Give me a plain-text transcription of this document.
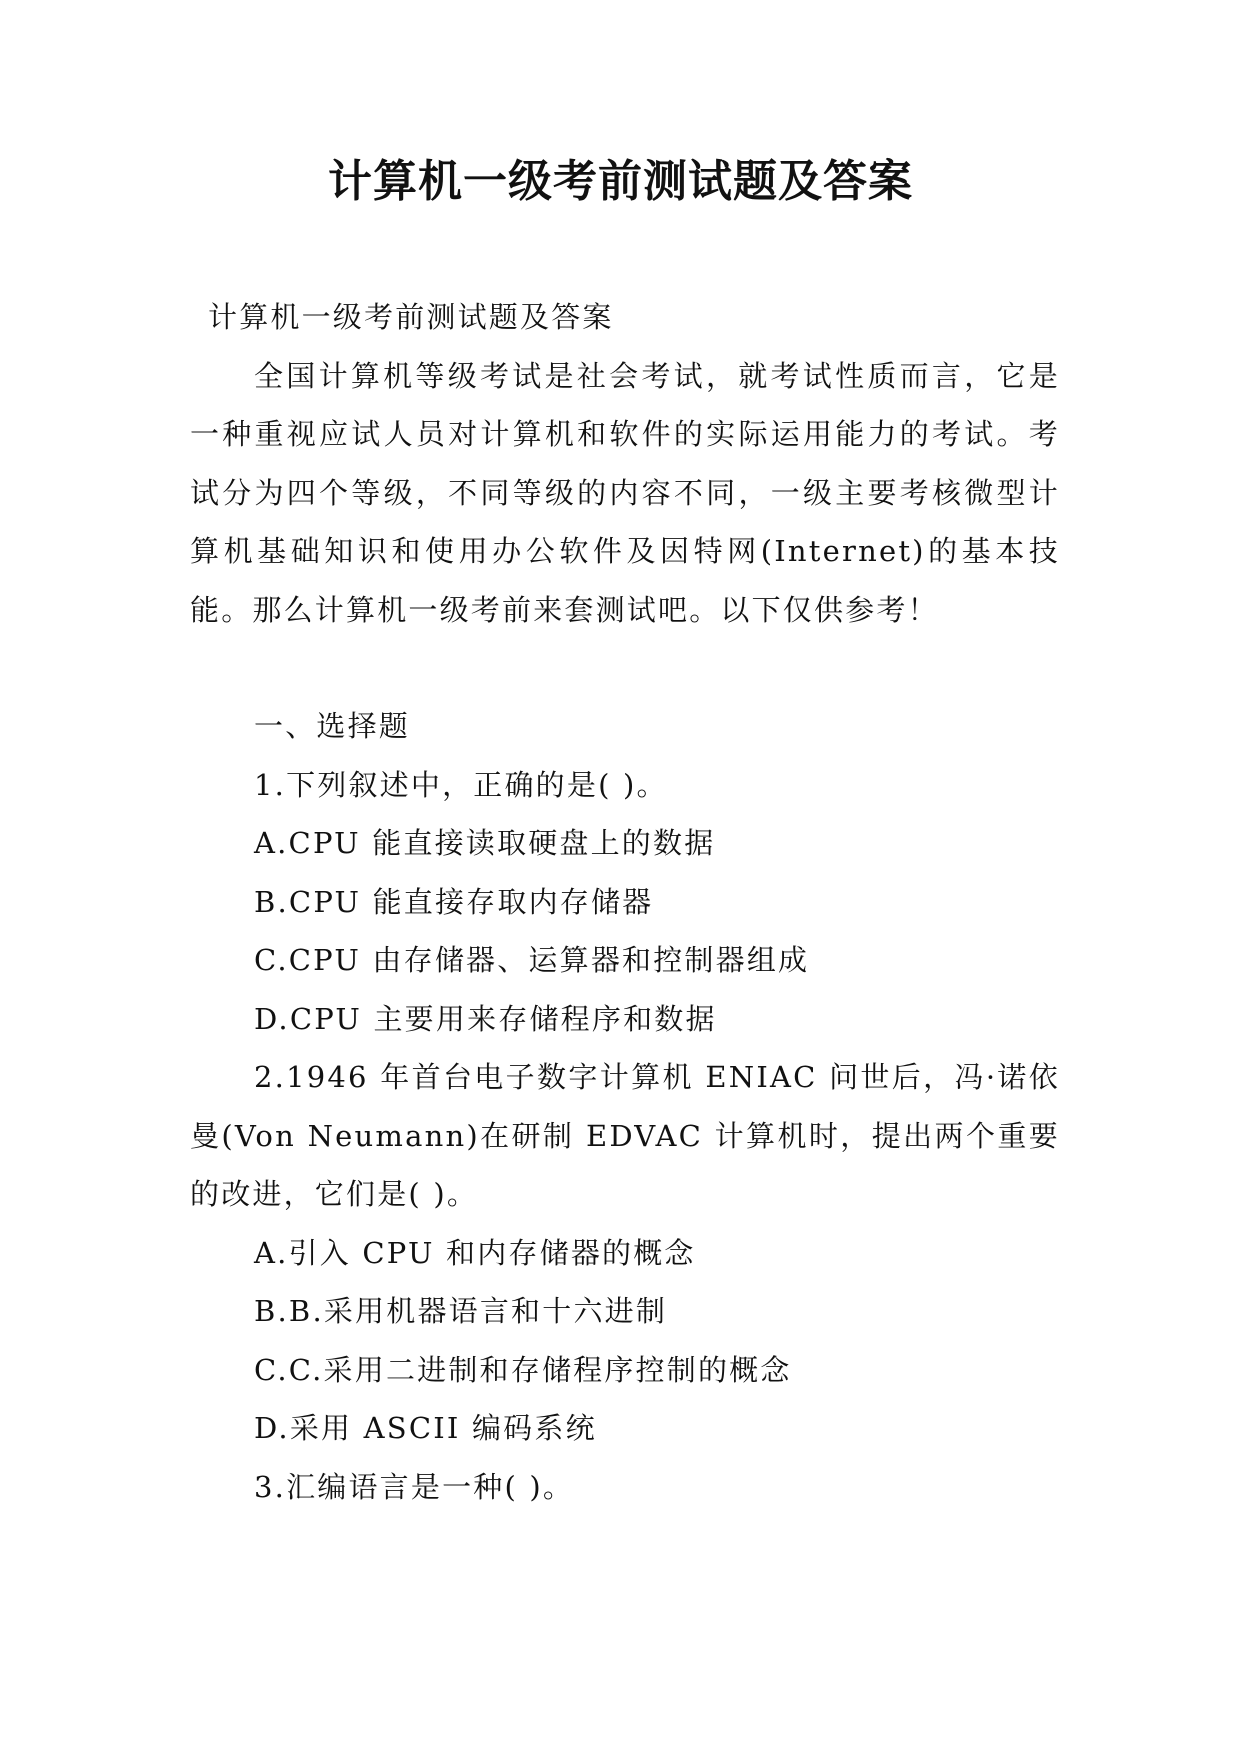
计算机一级考前测试题及答案

计算机一级考前测试题及答案

全国计算机等级考试是社会考试，就考试性质而言，它是一种重视应试人员对计算机和软件的实际运用能力的考试。考试分为四个等级，不同等级的内容不同，一级主要考核微型计算机基础知识和使用办公软件及因特网(Internet)的基本技能。那么计算机一级考前来套测试吧。以下仅供参考！

一、选择题

1.下列叙述中，正确的是( )。

A.CPU 能直接读取硬盘上的数据

B.CPU 能直接存取内存储器

C.CPU 由存储器、运算器和控制器组成

D.CPU 主要用来存储程序和数据

2.1946 年首台电子数字计算机 ENIAC 问世后，冯·诺依曼(Von Neumann)在研制 EDVAC 计算机时，提出两个重要的改进，它们是( )。

A.引入 CPU 和内存储器的概念

B.B.采用机器语言和十六进制

C.C.采用二进制和存储程序控制的概念

D.采用 ASCII 编码系统

3.汇编语言是一种( )。
